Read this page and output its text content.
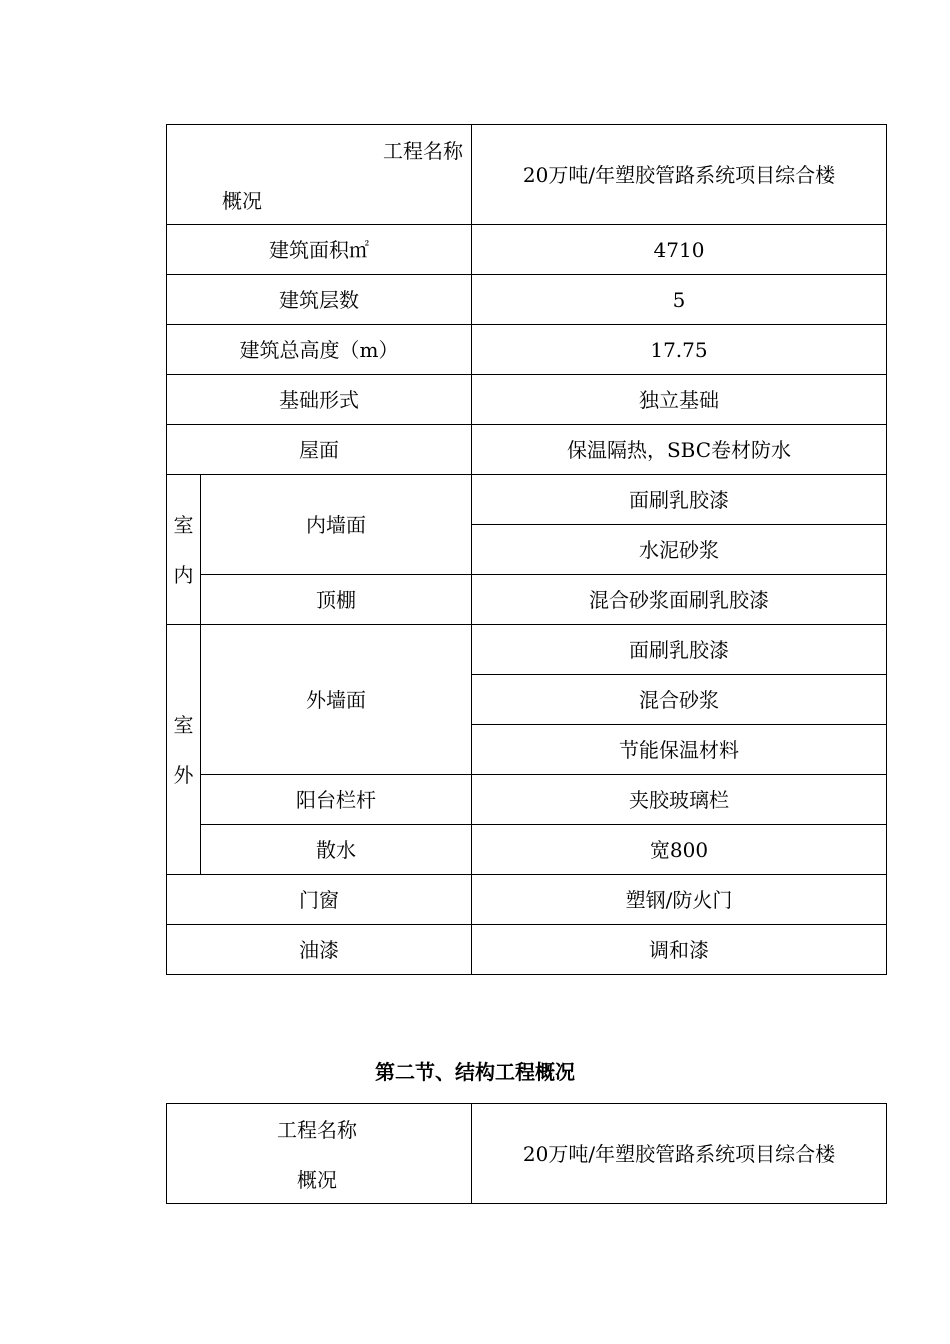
工程名称
概况		20万吨/年塑胶管路系统项目综合楼
建筑面积㎡		4710
建筑层数		5
建筑总高度（m）		17.75
基础形式		独立基础
屋面		保温隔热，SBC卷材防水

室
内	内墙面	面刷乳胶漆
		水泥砂浆
	顶棚	混合砂浆面刷乳胶漆

室
外	外墙面	面刷乳胶漆
		混合砂浆
		节能保温材料
	阳台栏杆	夹胶玻璃栏
	散水	宽800
门窗		塑钢/防火门
油漆		调和漆
第二节、结构工程概况
工程名称
概况
	20万吨/年塑胶管路系统项目综合楼
